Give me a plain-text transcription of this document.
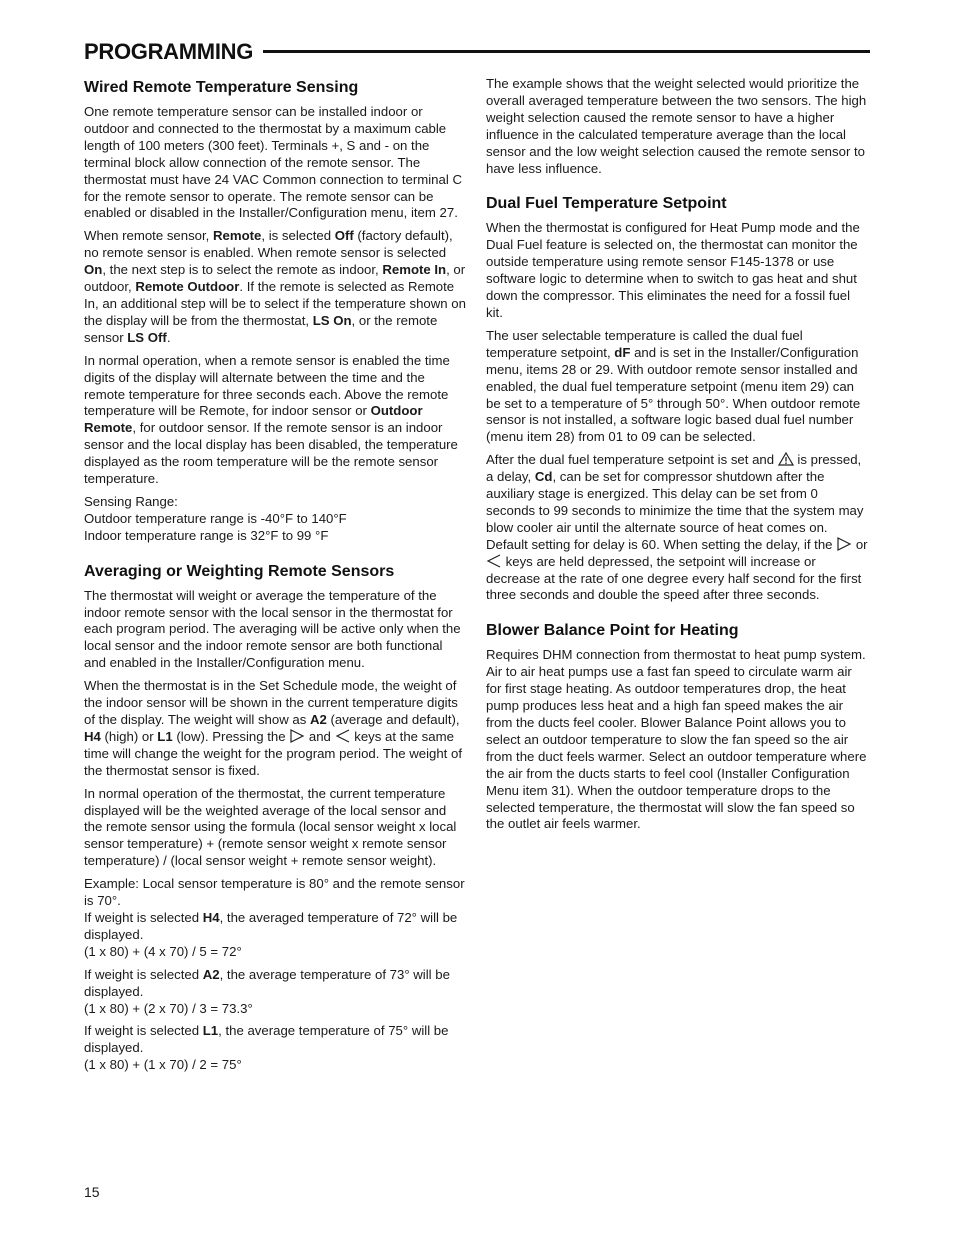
PROGRAMMING
Wired Remote Temperature Sensing

One remote temperature sensor can be installed indoor or outdoor and connected to the thermostat by a maximum cable length of 100 meters (300 feet). Terminals +, S and - on the terminal block allow connection of the remote sensor. The thermostat must have 24 VAC Common connection to terminal C for the remote sensor to operate. The remote sensor can be enabled or disabled in the Installer/Configuration menu, item 27.

When remote sensor, Remote, is selected Off (factory default), no remote sensor is enabled. When remote sensor is selected On, the next step is to select the remote as indoor, Remote In, or outdoor, Remote Outdoor. If the remote is selected as Remote In, an additional step will be to select if the temperature shown on the display will be from the thermostat, LS On, or the remote sensor LS Off.

In normal operation, when a remote sensor is enabled the time digits of the display will alternate between the time and the remote temperature for three seconds each. Above the remote temperature will be Remote, for indoor sensor or Outdoor Remote, for outdoor sensor. If the remote sensor is an indoor sensor and the local display has been disabled, the temperature displayed as the room temperature will be the remote sensor temperature.

Sensing Range:
Outdoor temperature range is -40°F to 140°F
Indoor temperature range is 32°F to 99 °F

Averaging or Weighting Remote Sensors

The thermostat will weight or average the temperature of the indoor remote sensor with the local sensor in the thermostat for each program period. The averaging will be active only when the local sensor and the indoor remote sensor are both functional and enabled in the Installer/Configuration menu.

When the thermostat is in the Set Schedule mode, the weight of the indoor sensor will be shown in the current temperature digits of the display. The weight will show as A2 (average and default), H4 (high) or L1 (low). Pressing the  and  keys at the same time will change the weight for the program period. The weight of the thermostat sensor is fixed.

In normal operation of the thermostat, the current temperature displayed will be the weighted average of the local sensor and the remote sensor using the formula (local sensor weight x local sensor temperature) + (remote sensor weight x remote sensor temperature) / (local sensor weight + remote sensor weight).

Example: Local sensor temperature is 80° and the remote sensor is 70°.
If weight is selected H4, the averaged temperature of 72° will be displayed.
(1 x 80) + (4 x 70) / 5 = 72°

If weight is selected A2, the average temperature of 73° will be displayed.
(1 x 80) + (2 x 70) / 3 = 73.3°

If weight is selected L1, the average temperature of 75° will be displayed.
(1 x 80) + (1 x 70) / 2 = 75°

The example shows that the weight selected would prioritize the overall averaged temperature between the two sensors. The high weight selection caused the remote sensor to have a higher influence in the calculated temperature average than the local sensor and the low weight selection caused the remote sensor to have less influence.

Dual Fuel Temperature Setpoint

When the thermostat is configured for Heat Pump mode and the Dual Fuel feature is selected on, the thermostat can monitor the outside temperature using remote sensor F145-1378 or use software logic to determine when to switch to gas heat and shut down the compressor. This eliminates the need for a fossil fuel kit.

The user selectable temperature is called the dual fuel temperature setpoint, dF and is set in the Installer/Configuration menu, items 28 or 29. With outdoor remote sensor installed and enabled, the dual fuel temperature setpoint (menu item 29) can be set to a temperature of 5° through 50°. When outdoor remote sensor is not installed, a software logic based dual fuel number (menu item 28) from 01 to 09 can be selected.

After the dual fuel temperature setpoint is set and  is pressed, a delay, Cd, can be set for compressor shutdown after the auxiliary stage is energized. This delay can be set from 0 seconds to 99 seconds to minimize the time that the system may blow cooler air until the alternate source of heat comes on. Default setting for delay is 60. When setting the delay, if the  or  keys are held depressed, the setpoint will increase or decrease at the rate of one degree every half second for the first three seconds and double the speed after three seconds.

Blower Balance Point for Heating

Requires DHM connection from thermostat to heat pump system. Air to air heat pumps use a fast fan speed to circulate warm air for first stage heating. As outdoor temperatures drop, the heat pump produces less heat and a high fan speed makes the air from the ducts feel cooler. Blower Balance Point allows you to select an outdoor temperature to slow the fan speed so the air from the duct feels warmer. Select an outdoor temperature where the air from the ducts starts to feel cool (Installer Configuration Menu item 31). When the outdoor temperature drops to the selected temperature, the thermostat will slow the fan speed so the outlet air feels warmer.

15
